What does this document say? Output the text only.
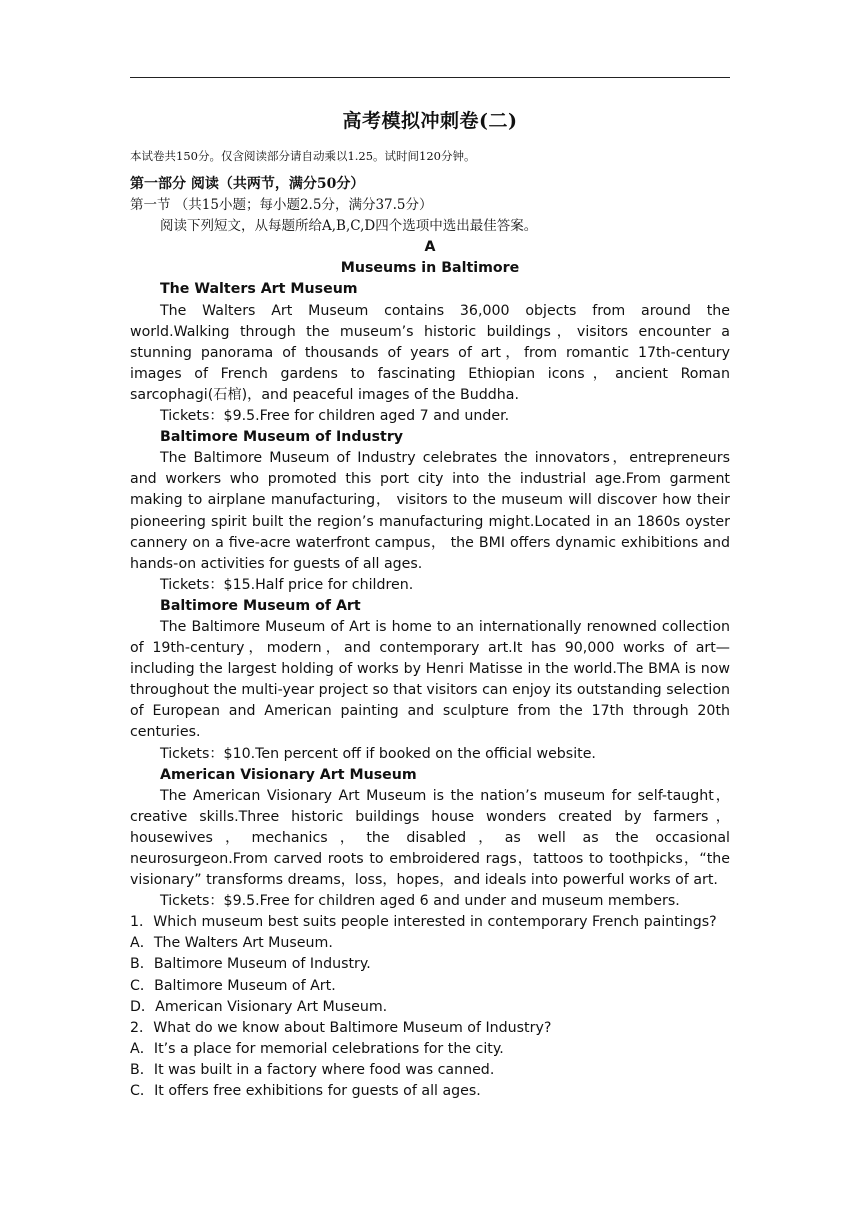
高考模拟冲刺卷(二)
本试卷共150分。仅含阅读部分请自动乘以1.25。试时间120分钟。

第一部分 阅读（共两节，满分50分）

第一节 （共15小题；每小题2.5分，满分37.5分）

阅读下列短文，从每题所给A,B,C,D四个选项中选出最佳答案。

A

Museums in Baltimore

The Walters Art Museum

The Walters Art Museum contains 36,000 objects from around the world.Walking through the museum’s historic buildings，visitors encounter a stunning panorama of thousands of years of art，from romantic 17th-century images of French gardens to fascinating Ethiopian icons，ancient Roman sarcophagi(石棺)，and peaceful images of the Buddha.

Tickets：$9.5.Free for children aged 7 and under.

Baltimore Museum of Industry

The Baltimore Museum of Industry celebrates the innovators，entrepreneurs and workers who promoted this port city into the industrial age.From garment making to airplane manufacturing， visitors to the museum will discover how their pioneering spirit built the region’s manufacturing might.Located in an 1860s oyster cannery on a five-acre waterfront campus， the BMI offers dynamic exhibitions and hands-on activities for guests of all ages.

Tickets：$15.Half price for children.

Baltimore Museum of Art

The Baltimore Museum of Art is home to an internationally renowned collection of 19th-century，modern，and contemporary art.It has 90,000 works of art—including the largest holding of works by Henri Matisse in the world.The BMA is now throughout the multi-year project so that visitors can enjoy its outstanding selection of European and American painting and sculpture from the 17th through 20th centuries.

Tickets：$10.Ten percent off if booked on the official website.

American Visionary Art Museum

The American Visionary Art Museum is the nation’s museum for self-taught，creative skills.Three historic buildings house wonders created by farmers，housewives，mechanics，the disabled，as well as the occasional neurosurgeon.From carved roots to embroidered rags，tattoos to toothpicks，“the visionary” transforms dreams，loss，hopes，and ideals into powerful works of art.

Tickets：$9.5.Free for children aged 6 and under and museum members.

1．Which museum best suits people interested in contemporary French paintings?

A．The Walters Art Museum.

B．Baltimore Museum of Industry.

C．Baltimore Museum of Art.

D．American Visionary Art Museum.

2．What do we know about Baltimore Museum of Industry?

A．It’s a place for memorial celebrations for the city.

B．It was built in a factory where food was canned.

C．It offers free exhibitions for guests of all ages.
